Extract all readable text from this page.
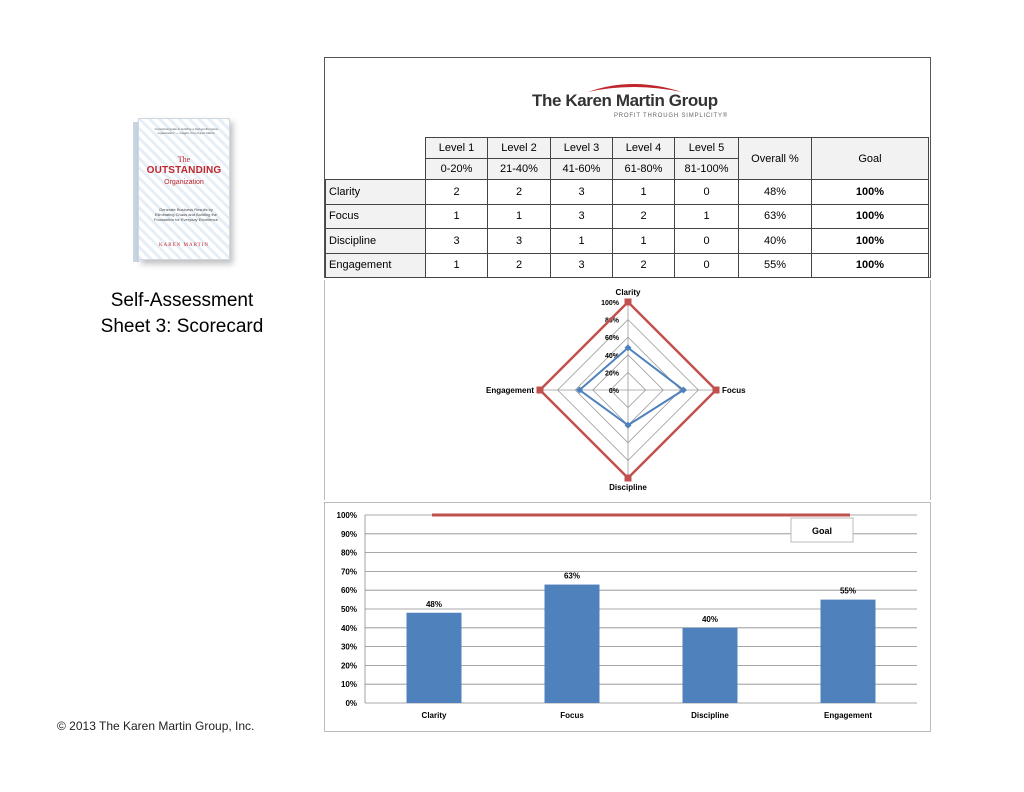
“A practical guide to building a high-performance organization” — insights from Karen Martin
The
OUTSTANDING
Organization
Generate Business Results by Eliminating Chaos and Building the Foundation for Everyday Excellence
KAREN MARTIN
Self-Assessment
Sheet 3: Scorecard
© 2013 The Karen Martin Group, Inc.
The Karen Martin Group
PROFIT THROUGH SIMPLICITY®
	Level 1	Level 2	Level 3	Level 4	Level 5	Overall %	Goal
	0-20%	21-40%	41-60%	61-80%	81-100%		
Clarity	2	2	3	1	0	48%	100%
Focus	1	1	3	2	1	63%	100%
Discipline	3	3	1	1	0	40%	100%
Engagement	1	2	3	2	0	55%	100%
0%
20%
40%
60%
80%
100%
Clarity
Focus
Discipline
Engagement
0%
10%
20%
30%
40%
50%
60%
70%
80%
90%
100%
48%
Clarity
63%
Focus
40%
Discipline
55%
Engagement
Goal
